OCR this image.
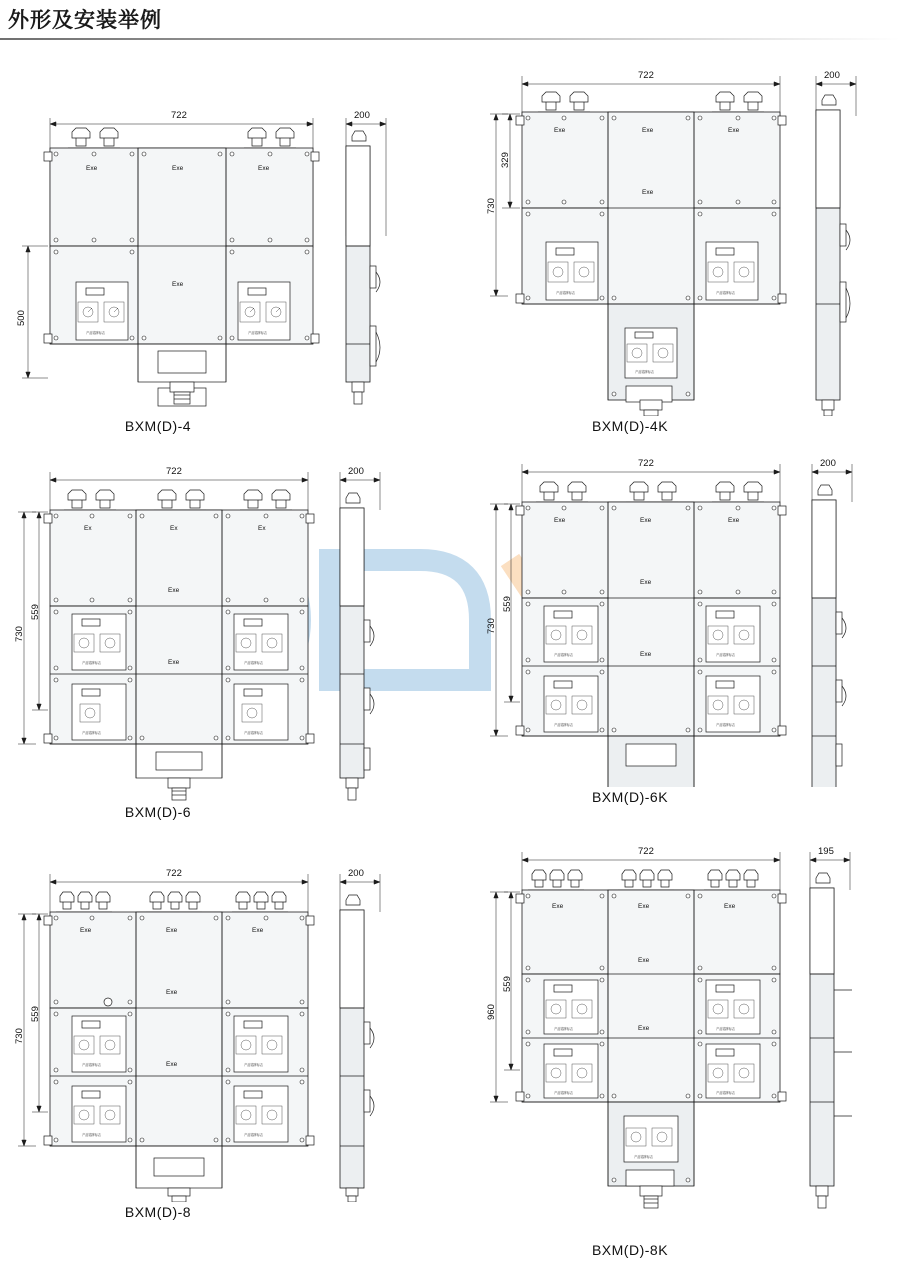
外形及安装举例
722
500
Exe	Exe	Exe
Exe
产品铭牌标志	产品铭牌标志
200
BXM(D)-4
722
329
730
Exe	Exe	Exe
Exe
产品铭牌标志	产品铭牌标志
产品铭牌标志
200
BXM(D)-4K
722
559
730
Ex	Ex	Ex
Exe
Exe
产品铭牌标志	产品铭牌标志
产品铭牌标志	产品铭牌标志
200
BXM(D)-6
722
559
730
Exe	Exe	Exe
Exe
Exe
产品铭牌标志	产品铭牌标志
产品铭牌标志	产品铭牌标志
200
BXM(D)-6K
722
559
730
Exe	Exe	Exe
Exe
Exe
产品铭牌标志	产品铭牌标志
产品铭牌标志	产品铭牌标志
200
BXM(D)-8
722
559
960
Exe	Exe	Exe
Exe
Exe
产品铭牌标志	产品铭牌标志
产品铭牌标志	产品铭牌标志
产品铭牌标志
195
BXM(D)-8K
